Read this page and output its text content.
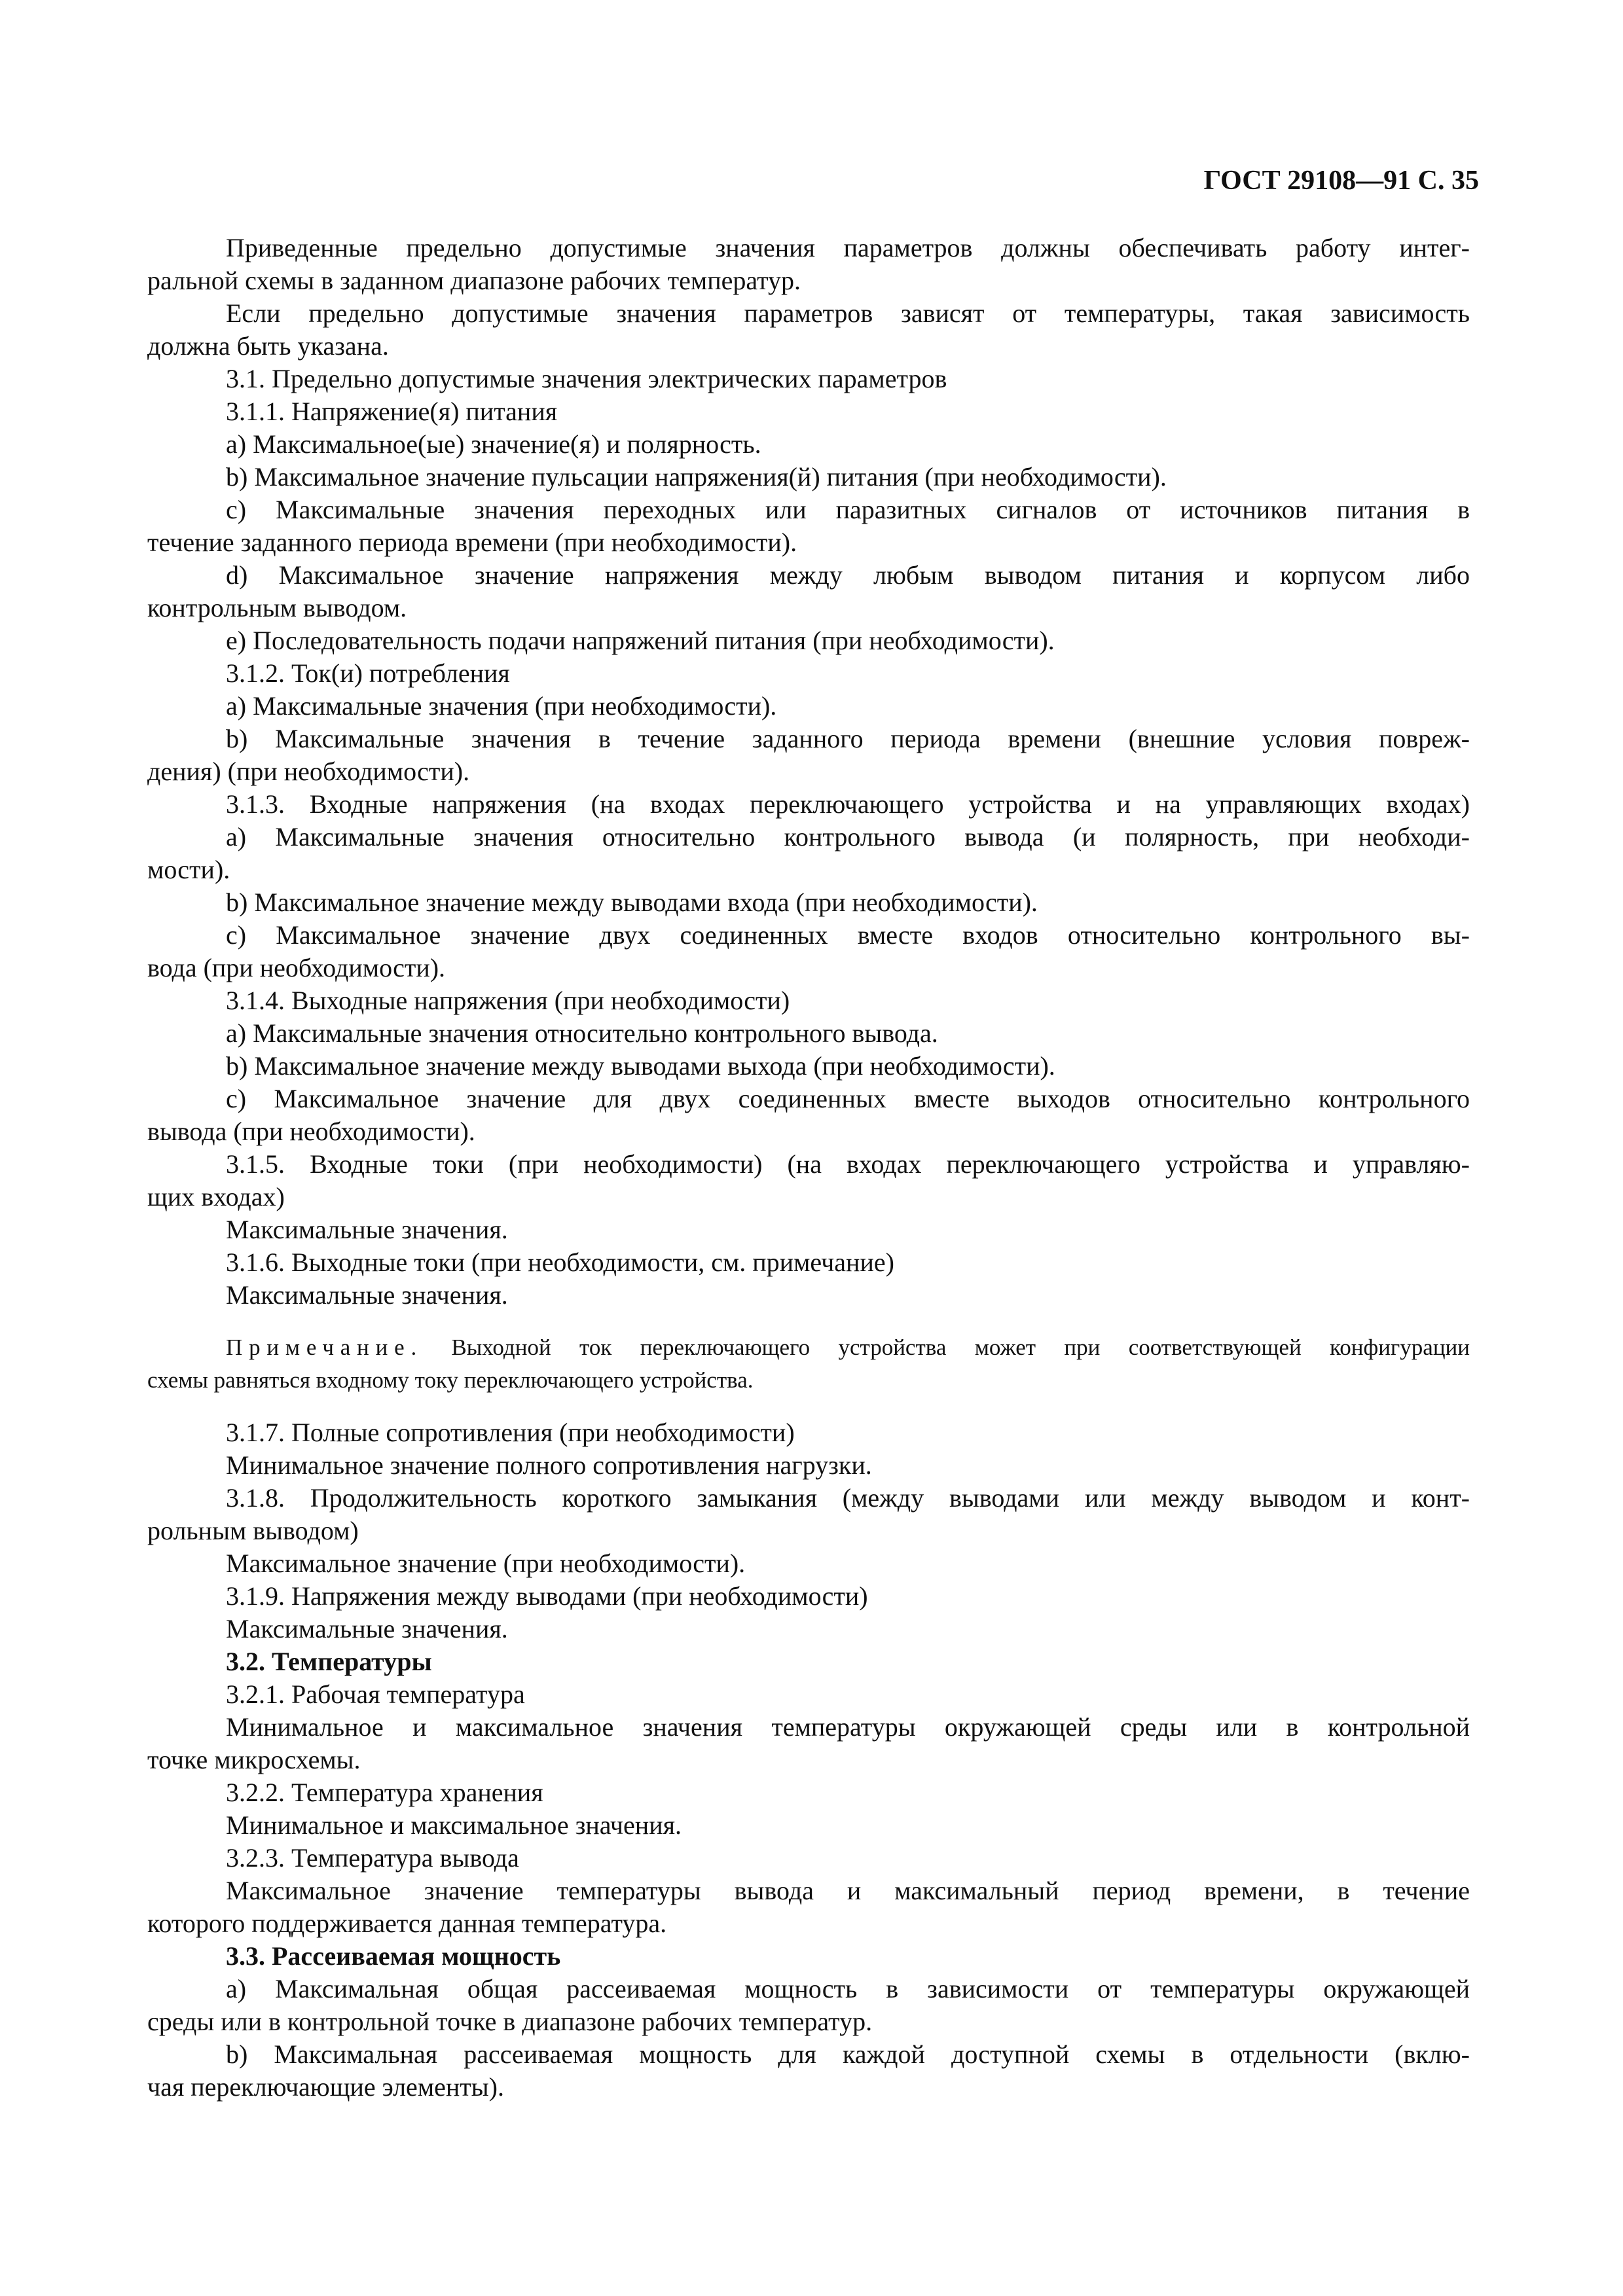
ГОСТ 29108—91 С. 35
Приведенные предельно допустимые значения параметров должны обеспечивать работу интег-
ральной схемы в заданном диапазоне рабочих температур.
Если предельно допустимые значения параметров зависят от температуры, такая зависимость
должна быть указана.
3.1. Предельно допустимые значения электрических параметров
3.1.1. Напряжение(я) питания
a) Максимальное(ые) значение(я) и полярность.
b) Максимальное значение пульсации напряжения(й) питания (при необходимости).
c) Максимальные значения переходных или паразитных сигналов от источников питания в
течение заданного периода времени (при необходимости).
d) Максимальное значение напряжения между любым выводом питания и корпусом либо
контрольным выводом.
e) Последовательность подачи напряжений питания (при необходимости).
3.1.2. Ток(и) потребления
a) Максимальные значения (при необходимости).
b) Максимальные значения в течение заданного периода времени (внешние условия повреж-
дения) (при необходимости).
3.1.3. Входные напряжения (на входах переключающего устройства и на управляющих входах)
a) Максимальные значения относительно контрольного вывода (и полярность, при необходи-
мости).
b) Максимальное значение между выводами входа (при необходимости).
c) Максимальное значение двух соединенных вместе входов относительно контрольного вы-
вода (при необходимости).
3.1.4. Выходные напряжения (при необходимости)
a) Максимальные значения относительно контрольного вывода.
b) Максимальное значение между выводами выхода (при необходимости).
c) Максимальное значение для двух соединенных вместе выходов относительно контрольного
вывода (при необходимости).
3.1.5. Входные токи (при необходимости) (на входах переключающего устройства и управляю-
щих входах)
Максимальные значения.
3.1.6. Выходные токи (при необходимости, см. примечание)
Максимальные значения.
Примечание. Выходной ток переключающего устройства может при соответствующей конфигурации
схемы равняться входному току переключающего устройства.
3.1.7. Полные сопротивления (при необходимости)
Минимальное значение полного сопротивления нагрузки.
3.1.8. Продолжительность короткого замыкания (между выводами или между выводом и конт-
рольным выводом)
Максимальное значение (при необходимости).
3.1.9. Напряжения между выводами (при необходимости)
Максимальные значения.
3.2. Температуры
3.2.1. Рабочая температура
Минимальное и максимальное значения температуры окружающей среды или в контрольной
точке микросхемы.
3.2.2. Температура хранения
Минимальное и максимальное значения.
3.2.3. Температура вывода
Максимальное значение температуры вывода и максимальный период времени, в течение
которого поддерживается данная температура.
3.3. Рассеиваемая мощность
a) Максимальная общая рассеиваемая мощность в зависимости от температуры окружающей
среды или в контрольной точке в диапазоне рабочих температур.
b) Максимальная рассеиваемая мощность для каждой доступной схемы в отдельности (вклю-
чая переключающие элементы).
